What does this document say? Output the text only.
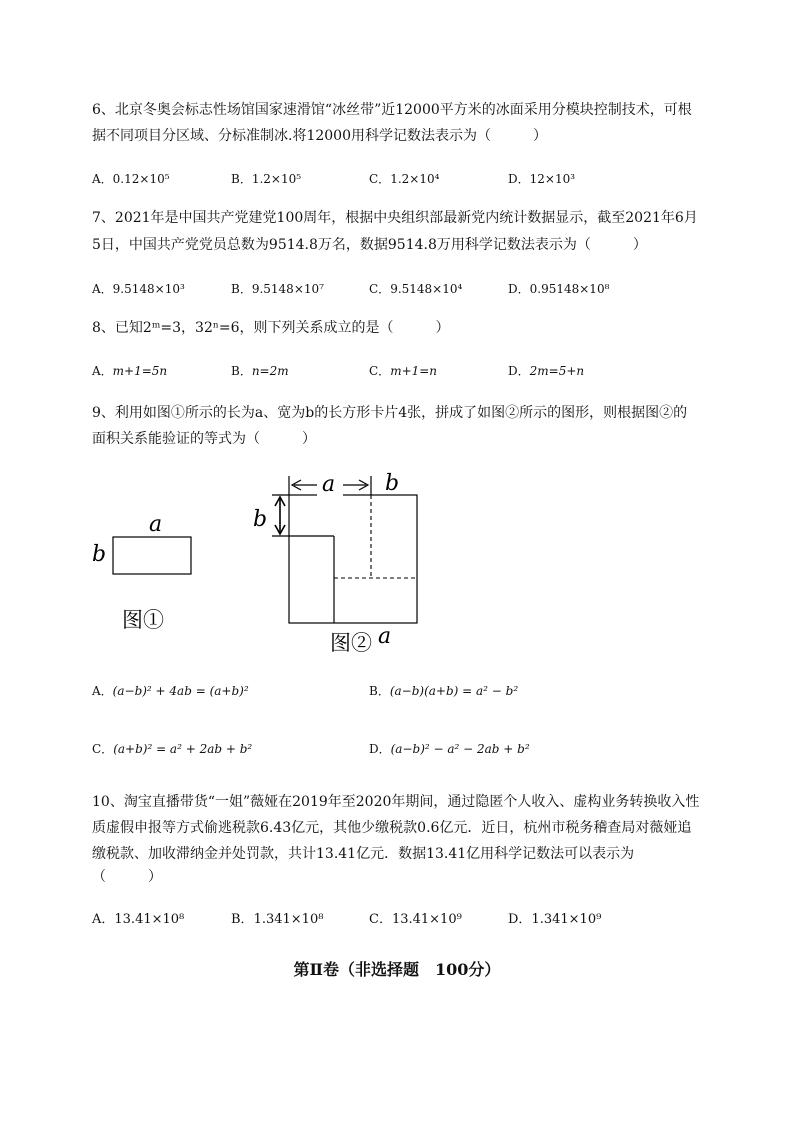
6、北京冬奥会标志性场馆国家速滑馆“冰丝带”近12000平方米的冰面采用分模块控制技术，可根
据不同项目分区域、分标准制冰.将12000用科学记数法表示为（　　　）
A．0.12×10⁵	B．1.2×10⁵	C．1.2×10⁴	D．12×10³
7、2021年是中国共产党建党100周年，根据中央组织部最新党内统计数据显示，截至2021年6月
5日，中国共产党党员总数为9514.8万名，数据9514.8万用科学记数法表示为（　　　）
A．9.5148×10³	B．9.5148×10⁷	C．9.5148×10⁴	D．0.95148×10⁸
8、已知2ᵐ=3，32ⁿ=6，则下列关系成立的是（　　　）
A．m+1=5n	B．n=2m	C．m+1=n	D．2m=5+n
9、利用如图①所示的长为a、宽为b的长方形卡片4张，拼成了如图②所示的图形，则根据图②的
面积关系能验证的等式为（　　　）
a
b
图①
a b
b
图② a
A．(a−b)² + 4ab = (a+b)²	B．(a−b)(a+b) = a² − b²
C．(a+b)² = a² + 2ab + b²	D．(a−b)² − a² − 2ab + b²
10、淘宝直播带货“一姐”薇娅在2019年至2020年期间，通过隐匿个人收入、虚构业务转换收入性
质虚假申报等方式偷逃税款6.43亿元，其他少缴税款0.6亿元．近日，杭州市税务稽查局对薇娅追
缴税款、加收滞纳金并处罚款，共计13.41亿元．数据13.41亿用科学记数法可以表示为
（　　　）
A．13.41×10⁸	B．1.341×10⁸	C．13.41×10⁹	D．1.341×10⁹
第Ⅱ卷（非选择题　100分）
